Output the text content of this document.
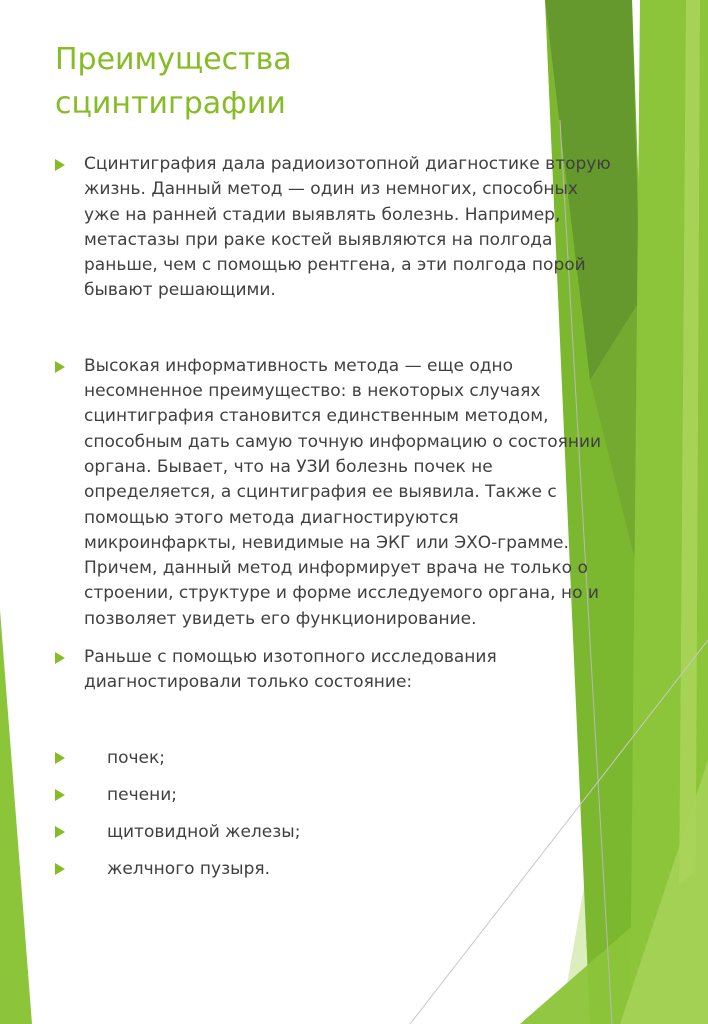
Преимущества
сцинтиграфии

Сцинтиграфия дала радиоизотопной диагностике вторую
жизнь. Данный метод — один из немногих, способных
уже на ранней стадии выявлять болезнь. Например,
метастазы при раке костей выявляются на полгода
раньше, чем с помощью рентгена, а эти полгода порой
бывают решающими.

Высокая информативность метода — еще одно
несомненное преимущество: в некоторых случаях
сцинтиграфия становится единственным методом,
способным дать самую точную информацию о состоянии
органа. Бывает, что на УЗИ болезнь почек не
определяется, а сцинтиграфия ее выявила. Также с
помощью этого метода диагностируются
микроинфаркты, невидимые на ЭКГ или ЭХО-грамме.
Причем, данный метод информирует врача не только о
строении, структуре и форме исследуемого органа, но и
позволяет увидеть его функционирование.

Раньше с помощью изотопного исследования
диагностировали только состояние:

почек;
печени;
щитовидной железы;
желчного пузыря.
